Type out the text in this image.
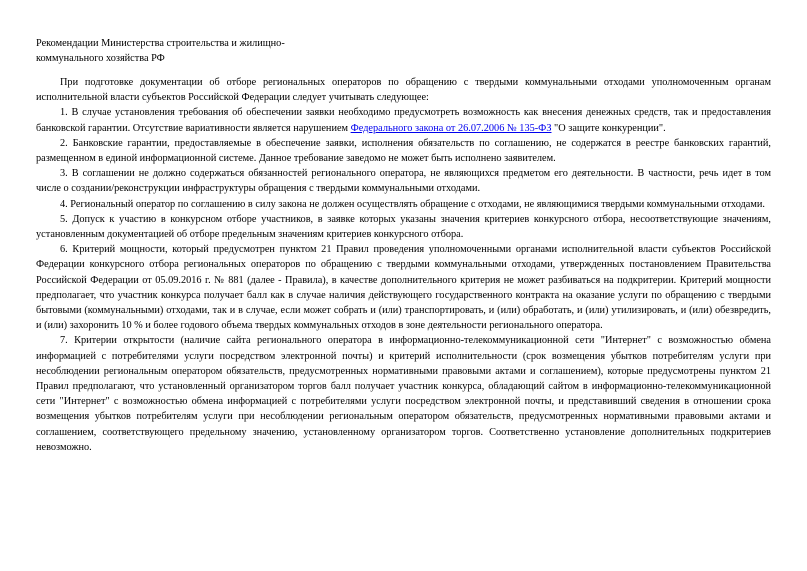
Рекомендации Министерства строительства и жилищно-
коммунального хозяйства РФ

При подготовке документации об отборе региональных операторов по обращению с твердыми коммунальными отходами уполномоченным органам исполнительной власти субъектов Российской Федерации следует учитывать следующее:

1. В случае установления требования об обеспечении заявки необходимо предусмотреть возможность как внесения денежных средств, так и предоставления банковской гарантии. Отсутствие вариативности является нарушением Федерального закона от 26.07.2006 № 135-ФЗ "О защите конкуренции".

2. Банковские гарантии, предоставляемые в обеспечение заявки, исполнения обязательств по соглашению, не содержатся в реестре банковских гарантий, размещенном в единой информационной системе. Данное требование заведомо не может быть исполнено заявителем.

3. В соглашении не должно содержаться обязанностей регионального оператора, не являющихся предметом его деятельности. В частности, речь идет в том числе о создании/реконструкции инфраструктуры обращения с твердыми коммунальными отходами.

4. Региональный оператор по соглашению в силу закона не должен осуществлять обращение с отходами, не являющимися твердыми коммунальными отходами.

5. Допуск к участию в конкурсном отборе участников, в заявке которых указаны значения критериев конкурсного отбора, несоответствующие значениям, установленным документацией об отборе предельным значениям критериев конкурсного отбора.

6. Критерий мощности, который предусмотрен пунктом 21 Правил проведения уполномоченными органами исполнительной власти субъектов Российской Федерации конкурсного отбора региональных операторов по обращению с твердыми коммунальными отходами, утвержденных постановлением Правительства Российской Федерации от 05.09.2016 г. № 881 (далее - Правила), в качестве дополнительного критерия не может разбиваться на подкритерии. Критерий мощности предполагает, что участник конкурса получает балл как в случае наличия действующего государственного контракта на оказание услуги по обращению с твердыми бытовыми (коммунальными) отходами, так и в случае, если может собрать и (или) транспортировать, и (или) обработать, и (или) утилизировать, и (или) обезвредить, и (или) захоронить 10 % и более годового объема твердых коммунальных отходов в зоне деятельности регионального оператора.

7. Критерии открытости (наличие сайта регионального оператора в информационно-телекоммуникационной сети "Интернет" с возможностью обмена информацией с потребителями услуги посредством электронной почты) и критерий исполнительности (срок возмещения убытков потребителям услуги при несоблюдении региональным оператором обязательств, предусмотренных нормативными правовыми актами и соглашением), которые предусмотрены пунктом 21 Правил предполагают, что установленный организатором торгов балл получает участник конкурса, обладающий сайтом в информационно-телекоммуникационной сети "Интернет" с возможностью обмена информацией с потребителями услуги посредством электронной почты, и представивший сведения в отношении срока возмещения убытков потребителям услуги при несоблюдении региональным оператором обязательств, предусмотренных нормативными правовыми актами и соглашением, соответствующего предельному значению, установленному организатором торгов. Соответственно установление дополнительных подкритериев невозможно.
